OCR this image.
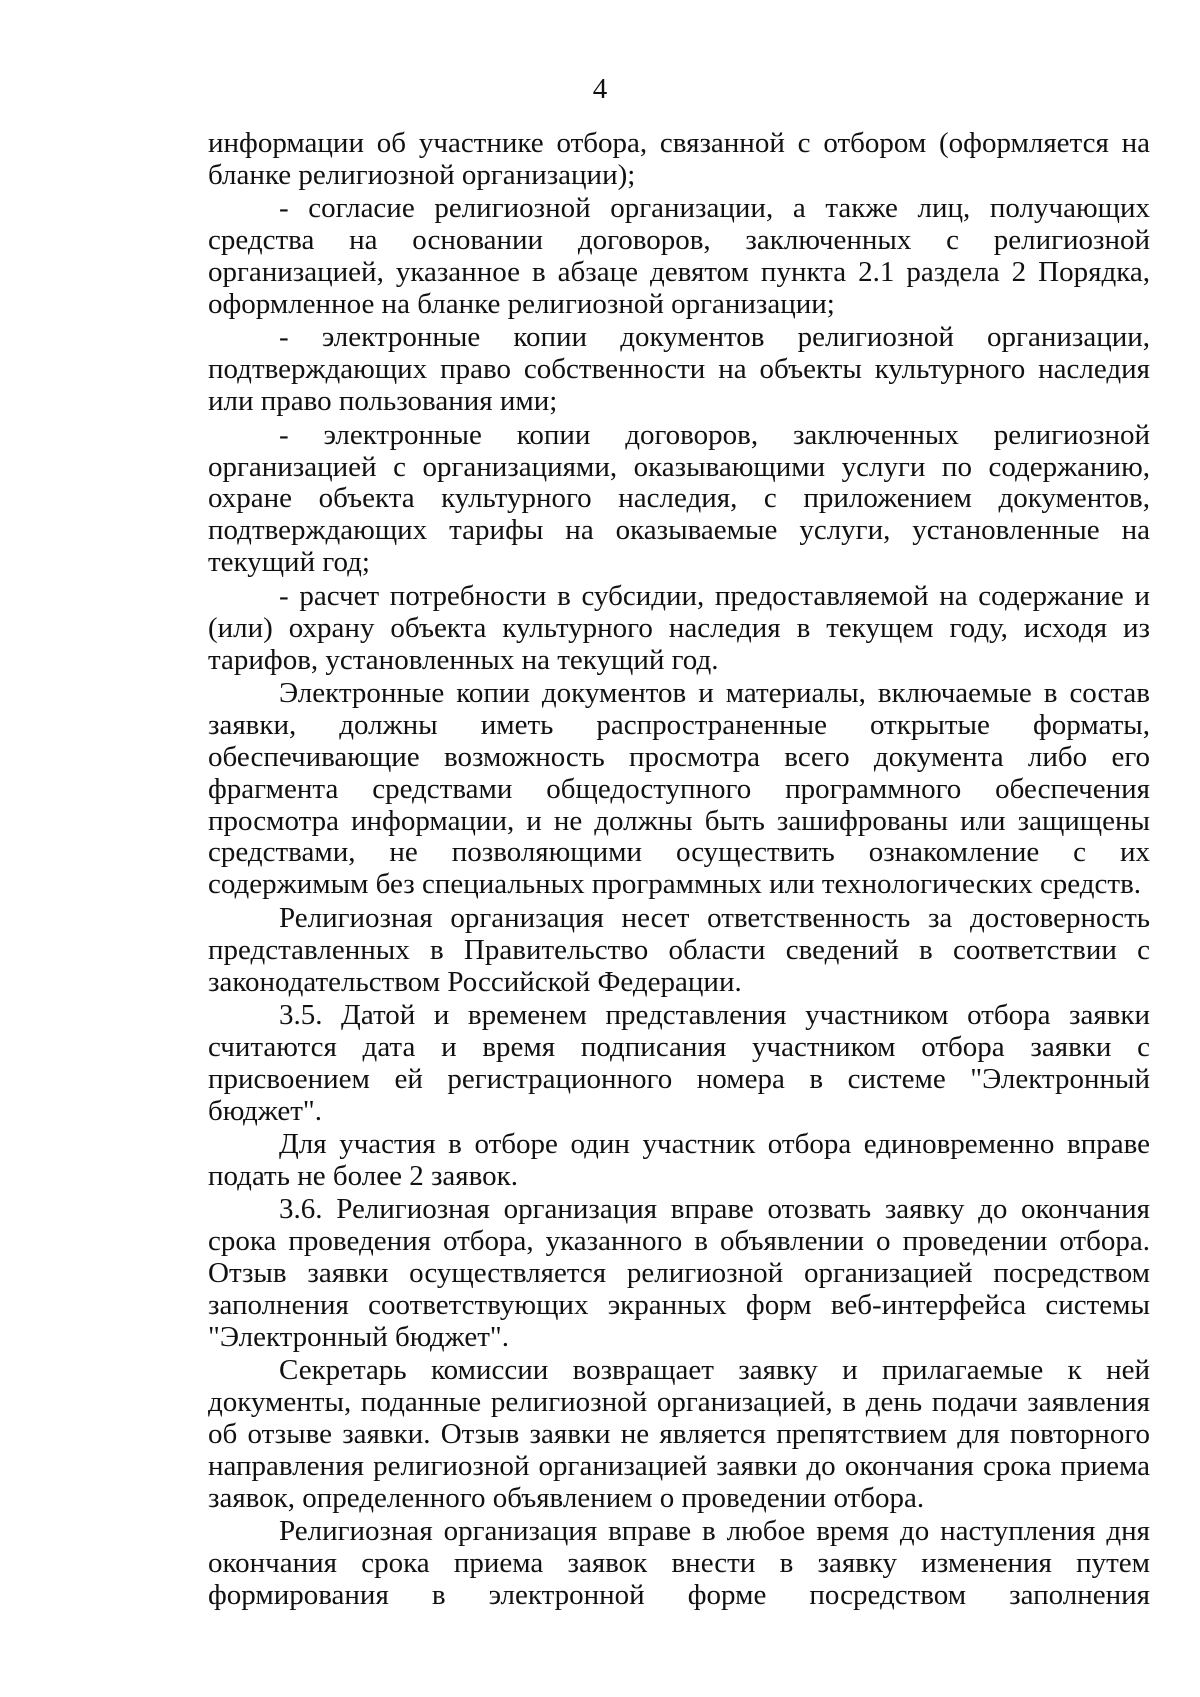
4

информации об участнике отбора, связанной с отбором (оформляется на бланке религиозной организации);

- согласие религиозной организации, а также лиц, получающих средства на основании договоров, заключенных с религиозной организацией, указанное в абзаце девятом пункта 2.1 раздела 2 Порядка, оформленное на бланке религиозной организации;

- электронные копии документов религиозной организации, подтверждающих право собственности на объекты культурного наследия или право пользования ими;

- электронные копии договоров, заключенных религиозной организацией с организациями, оказывающими услуги по содержанию, охране объекта культурного наследия, с приложением документов, подтверждающих тарифы на оказываемые услуги, установленные на текущий год;

- расчет потребности в субсидии, предоставляемой на содержание и (или) охрану объекта культурного наследия в текущем году, исходя из тарифов, установленных на текущий год.

Электронные копии документов и материалы, включаемые в состав заявки, должны иметь распространенные открытые форматы, обеспечивающие возможность просмотра всего документа либо его фрагмента средствами общедоступного программного обеспечения просмотра информации, и не должны быть зашифрованы или защищены средствами, не позволяющими осуществить ознакомление с их содержимым без специальных программных или технологических средств.

Религиозная организация несет ответственность за достоверность представленных в Правительство области сведений в соответствии с законодательством Российской Федерации.

3.5. Датой и временем представления участником отбора заявки считаются дата и время подписания участником отбора заявки с присвоением ей регистрационного номера в системе "Электронный бюджет".

Для участия в отборе один участник отбора единовременно вправе подать не более 2 заявок.

3.6. Религиозная организация вправе отозвать заявку до окончания срока проведения отбора, указанного в объявлении о проведении отбора. Отзыв заявки осуществляется религиозной организацией посредством заполнения соответствующих экранных форм веб-интерфейса системы "Электронный бюджет".

Секретарь комиссии возвращает заявку и прилагаемые к ней документы, поданные религиозной организацией, в день подачи заявления об отзыве заявки. Отзыв заявки не является препятствием для повторного направления религиозной организацией заявки до окончания срока приема заявок, определенного объявлением о проведении отбора.

Религиозная организация вправе в любое время до наступления дня окончания срока приема заявок внести в заявку изменения путем формирования в электронной форме посредством заполнения
